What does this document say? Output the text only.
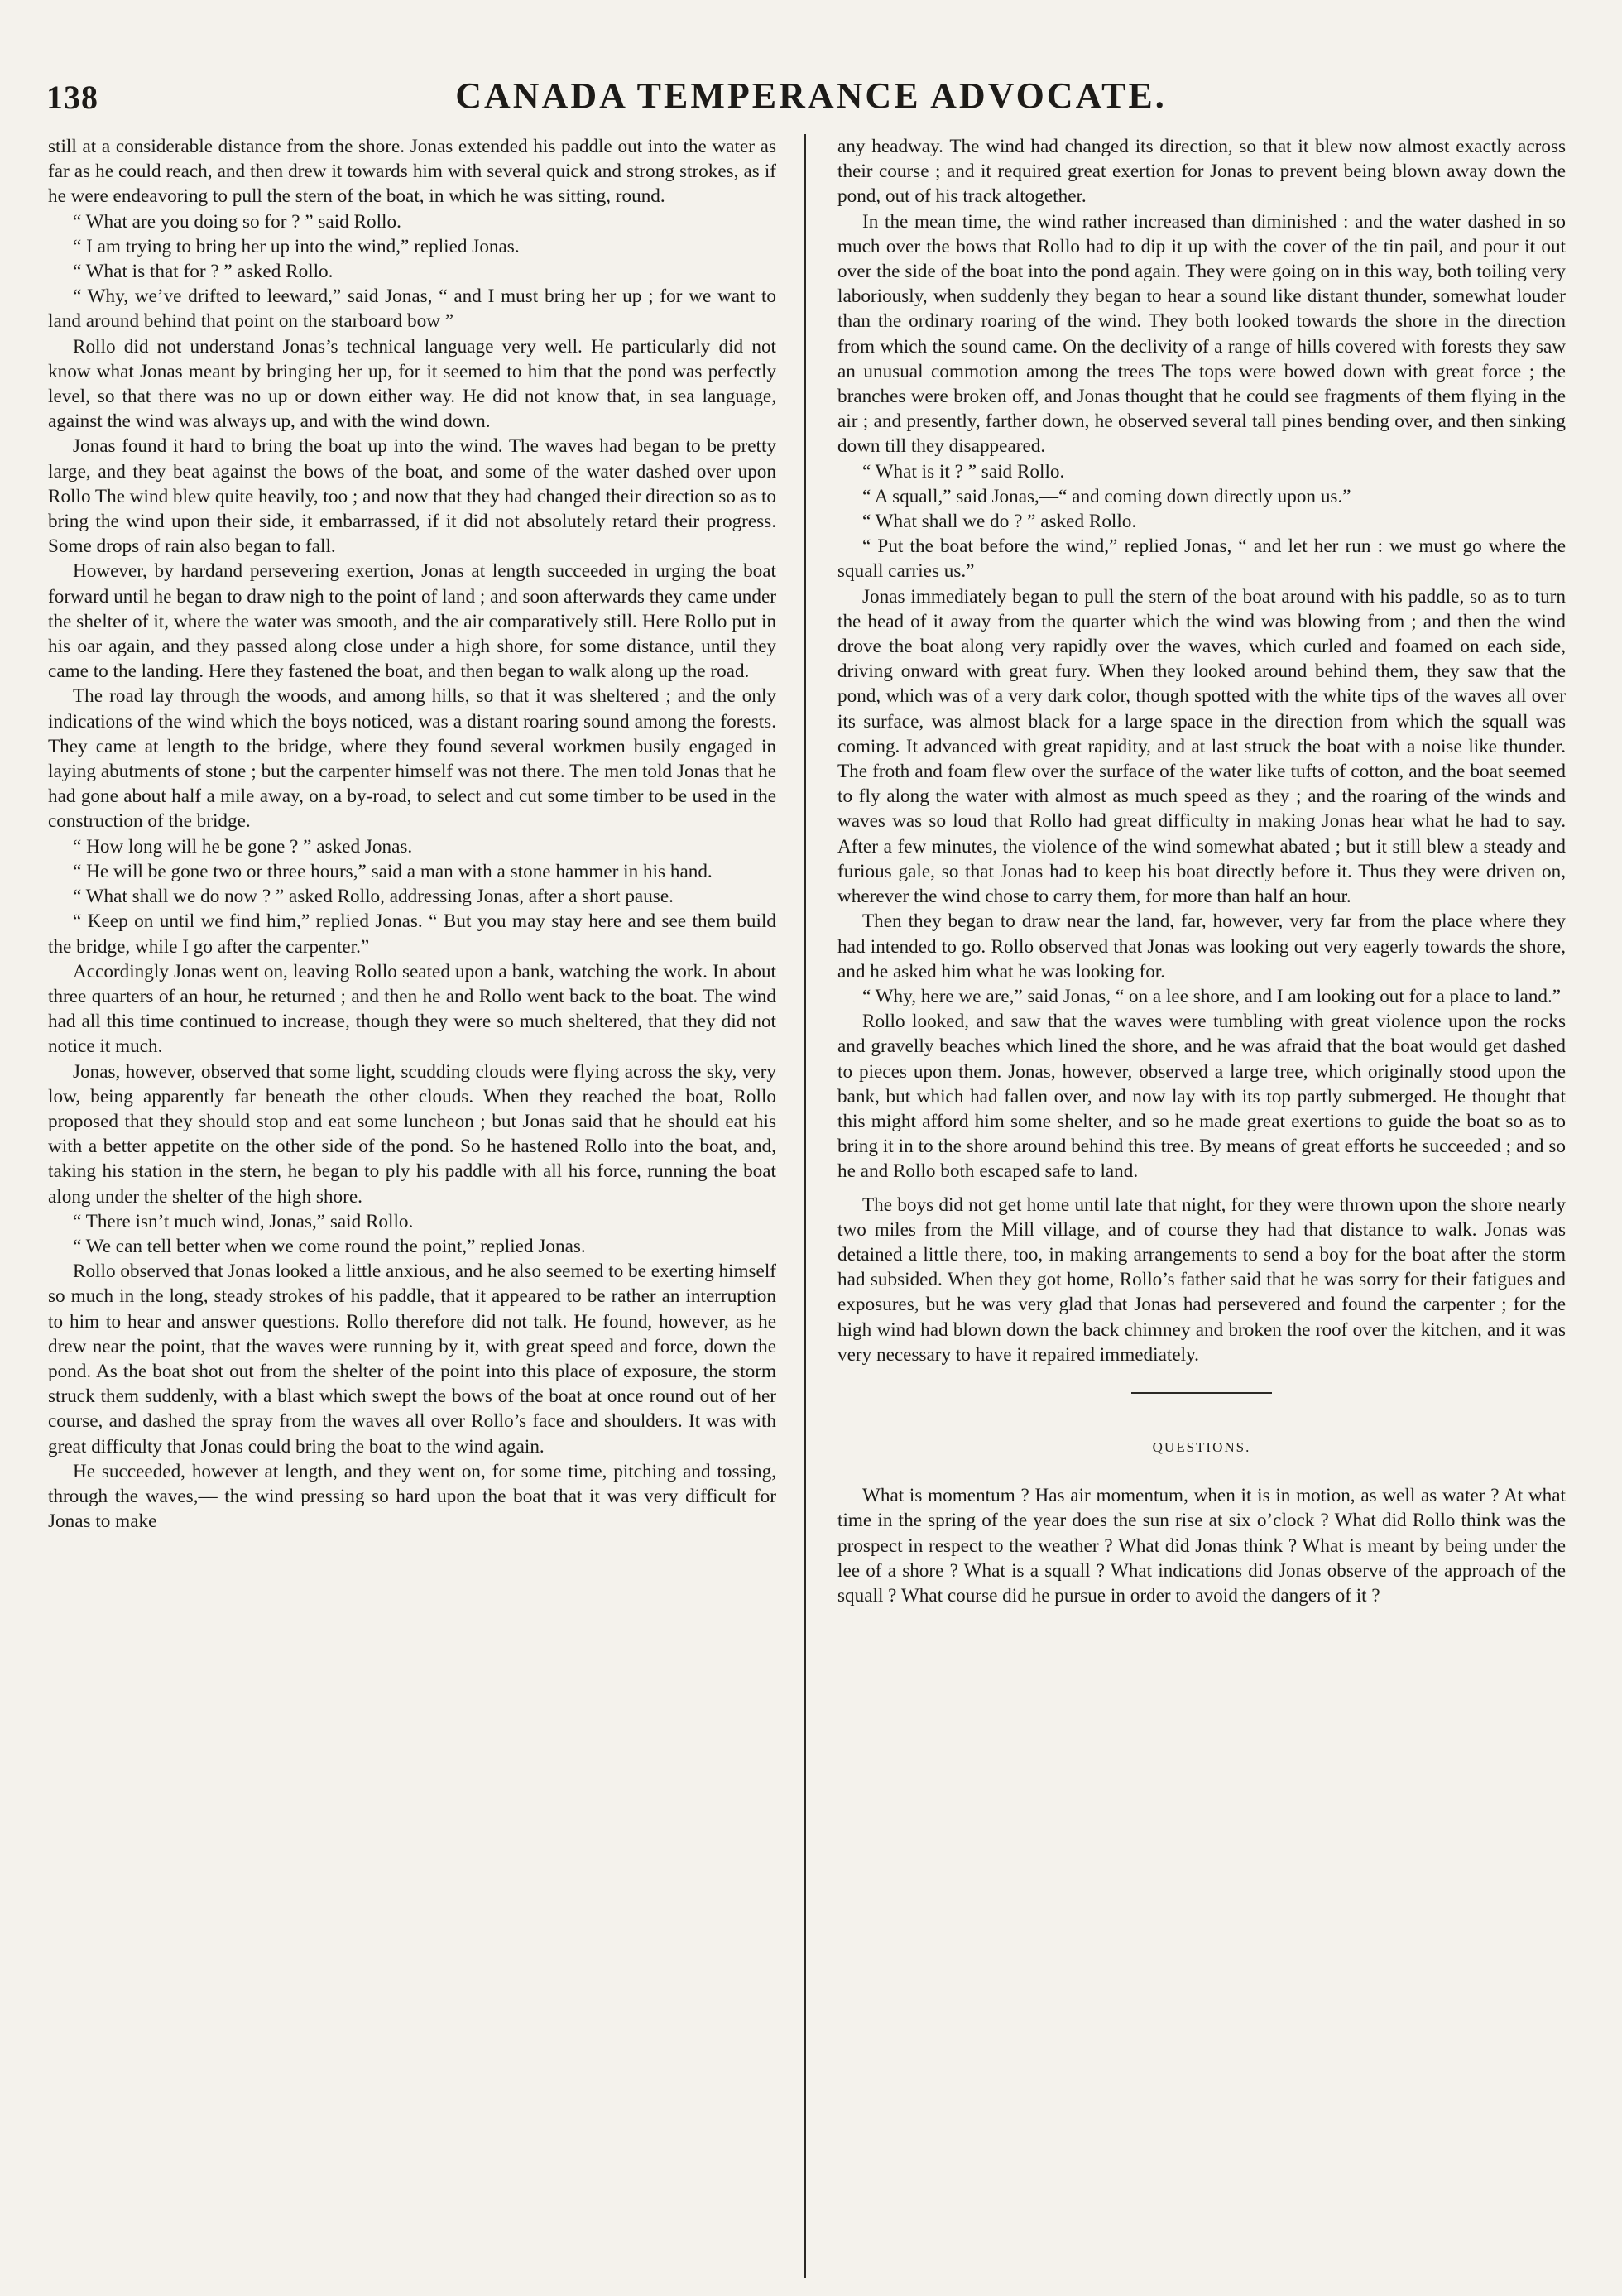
138	CANADA TEMPERANCE ADVOCATE.

still at a considerable distance from the shore. Jonas extended his paddle out into the water as far as he could reach, and then drew it towards him with several quick and strong strokes, as if he were endeavoring to pull the stern of the boat, in which he was sitting, round.

“ What are you doing so for ? ” said Rollo.

“ I am trying to bring her up into the wind,” replied Jonas.

“ What is that for ? ” asked Rollo.

“ Why, we’ve drifted to leeward,” said Jonas, “ and I must bring her up ; for we want to land around behind that point on the starboard bow ”

Rollo did not understand Jonas’s technical language very well. He particularly did not know what Jonas meant by bringing her up, for it seemed to him that the pond was perfectly level, so that there was no up or down either way. He did not know that, in sea language, against the wind was always up, and with the wind down.

Jonas found it hard to bring the boat up into the wind. The waves had began to be pretty large, and they beat against the bows of the boat, and some of the water dashed over upon Rollo The wind blew quite heavily, too ; and now that they had changed their direction so as to bring the wind upon their side, it embarrassed, if it did not absolutely retard their progress. Some drops of rain also began to fall.

However, by hardand persevering exertion, Jonas at length succeeded in urging the boat forward until he began to draw nigh to the point of land ; and soon afterwards they came under the shelter of it, where the water was smooth, and the air comparatively still. Here Rollo put in his oar again, and they passed along close under a high shore, for some distance, until they came to the landing. Here they fastened the boat, and then began to walk along up the road.

The road lay through the woods, and among hills, so that it was sheltered ; and the only indications of the wind which the boys noticed, was a distant roaring sound among the forests. They came at length to the bridge, where they found several workmen busily engaged in laying abutments of stone ; but the carpenter himself was not there. The men told Jonas that he had gone about half a mile away, on a by-road, to select and cut some timber to be used in the construction of the bridge.

“ How long will he be gone ? ” asked Jonas.

“ He will be gone two or three hours,” said a man with a stone hammer in his hand.

“ What shall we do now ? ” asked Rollo, addressing Jonas, after a short pause.

“ Keep on until we find him,” replied Jonas. “ But you may stay here and see them build the bridge, while I go after the carpenter.”

Accordingly Jonas went on, leaving Rollo seated upon a bank, watching the work. In about three quarters of an hour, he returned ; and then he and Rollo went back to the boat. The wind had all this time continued to increase, though they were so much sheltered, that they did not notice it much.

Jonas, however, observed that some light, scudding clouds were flying across the sky, very low, being apparently far beneath the other clouds. When they reached the boat, Rollo proposed that they should stop and eat some luncheon ; but Jonas said that he should eat his with a better appetite on the other side of the pond. So he hastened Rollo into the boat, and, taking his station in the stern, he began to ply his paddle with all his force, running the boat along under the shelter of the high shore.

“ There isn’t much wind, Jonas,” said Rollo.

“ We can tell better when we come round the point,” replied Jonas.

Rollo observed that Jonas looked a little anxious, and he also seemed to be exerting himself so much in the long, steady strokes of his paddle, that it appeared to be rather an interruption to him to hear and answer questions. Rollo therefore did not talk. He found, however, as he drew near the point, that the waves were running by it, with great speed and force, down the pond. As the boat shot out from the shelter of the point into this place of exposure, the storm struck them suddenly, with a blast which swept the bows of the boat at once round out of her course, and dashed the spray from the waves all over Rollo’s face and shoulders. It was with great difficulty that Jonas could bring the boat to the wind again.

He succeeded, however at length, and they went on, for some time, pitching and tossing, through the waves,— the wind pressing so hard upon the boat that it was very difficult for Jonas to make

any headway. The wind had changed its direction, so that it blew now almost exactly across their course ; and it required great exertion for Jonas to prevent being blown away down the pond, out of his track altogether.

In the mean time, the wind rather increased than diminished : and the water dashed in so much over the bows that Rollo had to dip it up with the cover of the tin pail, and pour it out over the side of the boat into the pond again. They were going on in this way, both toiling very laboriously, when suddenly they began to hear a sound like distant thunder, somewhat louder than the ordinary roaring of the wind. They both looked towards the shore in the direction from which the sound came. On the declivity of a range of hills covered with forests they saw an unusual commotion among the trees The tops were bowed down with great force ; the branches were broken off, and Jonas thought that he could see fragments of them flying in the air ; and presently, farther down, he observed several tall pines bending over, and then sinking down till they disappeared.

“ What is it ? ” said Rollo.

“ A squall,” said Jonas,—“ and coming down directly upon us.”

“ What shall we do ? ” asked Rollo.

“ Put the boat before the wind,” replied Jonas, “ and let her run : we must go where the squall carries us.”

Jonas immediately began to pull the stern of the boat around with his paddle, so as to turn the head of it away from the quarter which the wind was blowing from ; and then the wind drove the boat along very rapidly over the waves, which curled and foamed on each side, driving onward with great fury. When they looked around behind them, they saw that the pond, which was of a very dark color, though spotted with the white tips of the waves all over its surface, was almost black for a large space in the direction from which the squall was coming. It advanced with great rapidity, and at last struck the boat with a noise like thunder. The froth and foam flew over the surface of the water like tufts of cotton, and the boat seemed to fly along the water with almost as much speed as they ; and the roaring of the winds and waves was so loud that Rollo had great difficulty in making Jonas hear what he had to say. After a few minutes, the violence of the wind somewhat abated ; but it still blew a steady and furious gale, so that Jonas had to keep his boat directly before it. Thus they were driven on, wherever the wind chose to carry them, for more than half an hour.

Then they began to draw near the land, far, however, very far from the place where they had intended to go. Rollo observed that Jonas was looking out very eagerly towards the shore, and he asked him what he was looking for.

“ Why, here we are,” said Jonas, “ on a lee shore, and I am looking out for a place to land.”

Rollo looked, and saw that the waves were tumbling with great violence upon the rocks and gravelly beaches which lined the shore, and he was afraid that the boat would get dashed to pieces upon them. Jonas, however, observed a large tree, which originally stood upon the bank, but which had fallen over, and now lay with its top partly submerged. He thought that this might afford him some shelter, and so he made great exertions to guide the boat so as to bring it in to the shore around behind this tree. By means of great efforts he succeeded ; and so he and Rollo both escaped safe to land.

The boys did not get home until late that night, for they were thrown upon the shore nearly two miles from the Mill village, and of course they had that distance to walk. Jonas was detained a little there, too, in making arrangements to send a boy for the boat after the storm had subsided. When they got home, Rollo’s father said that he was sorry for their fatigues and exposures, but he was very glad that Jonas had persevered and found the carpenter ; for the high wind had blown down the back chimney and broken the roof over the kitchen, and it was very necessary to have it repaired immediately.

QUESTIONS.

What is momentum ? Has air momentum, when it is in motion, as well as water ? At what time in the spring of the year does the sun rise at six o’clock ? What did Rollo think was the prospect in respect to the weather ? What did Jonas think ? What is meant by being under the lee of a shore ? What is a squall ? What indications did Jonas observe of the approach of the squall ? What course did he pursue in order to avoid the dangers of it ?
